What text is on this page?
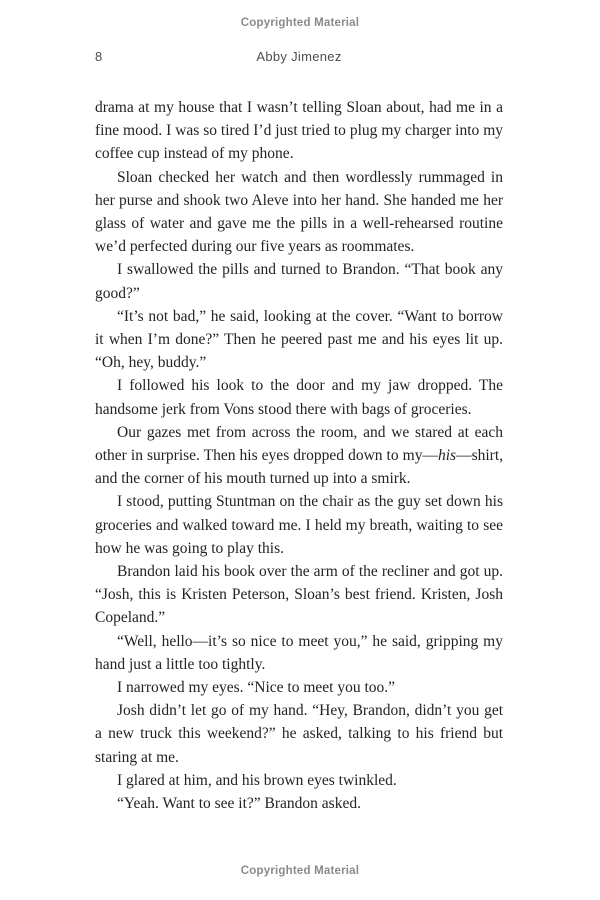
Copyrighted Material
8	Abby Jimenez

drama at my house that I wasn’t telling Sloan about, had me in a fine mood. I was so tired I’d just tried to plug my charger into my coffee cup instead of my phone.

Sloan checked her watch and then wordlessly rummaged in her purse and shook two Aleve into her hand. She handed me her glass of water and gave me the pills in a well-rehearsed routine we’d perfected during our five years as roommates.

I swallowed the pills and turned to Brandon. “That book any good?”

“It’s not bad,” he said, looking at the cover. “Want to borrow it when I’m done?” Then he peered past me and his eyes lit up. “Oh, hey, buddy.”

I followed his look to the door and my jaw dropped. The handsome jerk from Vons stood there with bags of groceries.

Our gazes met from across the room, and we stared at each other in surprise. Then his eyes dropped down to my—his—shirt, and the corner of his mouth turned up into a smirk.

I stood, putting Stuntman on the chair as the guy set down his groceries and walked toward me. I held my breath, waiting to see how he was going to play this.

Brandon laid his book over the arm of the recliner and got up. “Josh, this is Kristen Peterson, Sloan’s best friend. Kristen, Josh Copeland.”

“Well, hello—it’s so nice to meet you,” he said, gripping my hand just a little too tightly.

I narrowed my eyes. “Nice to meet you too.”

Josh didn’t let go of my hand. “Hey, Brandon, didn’t you get a new truck this weekend?” he asked, talking to his friend but staring at me.

I glared at him, and his brown eyes twinkled.

“Yeah. Want to see it?” Brandon asked.

Copyrighted Material
